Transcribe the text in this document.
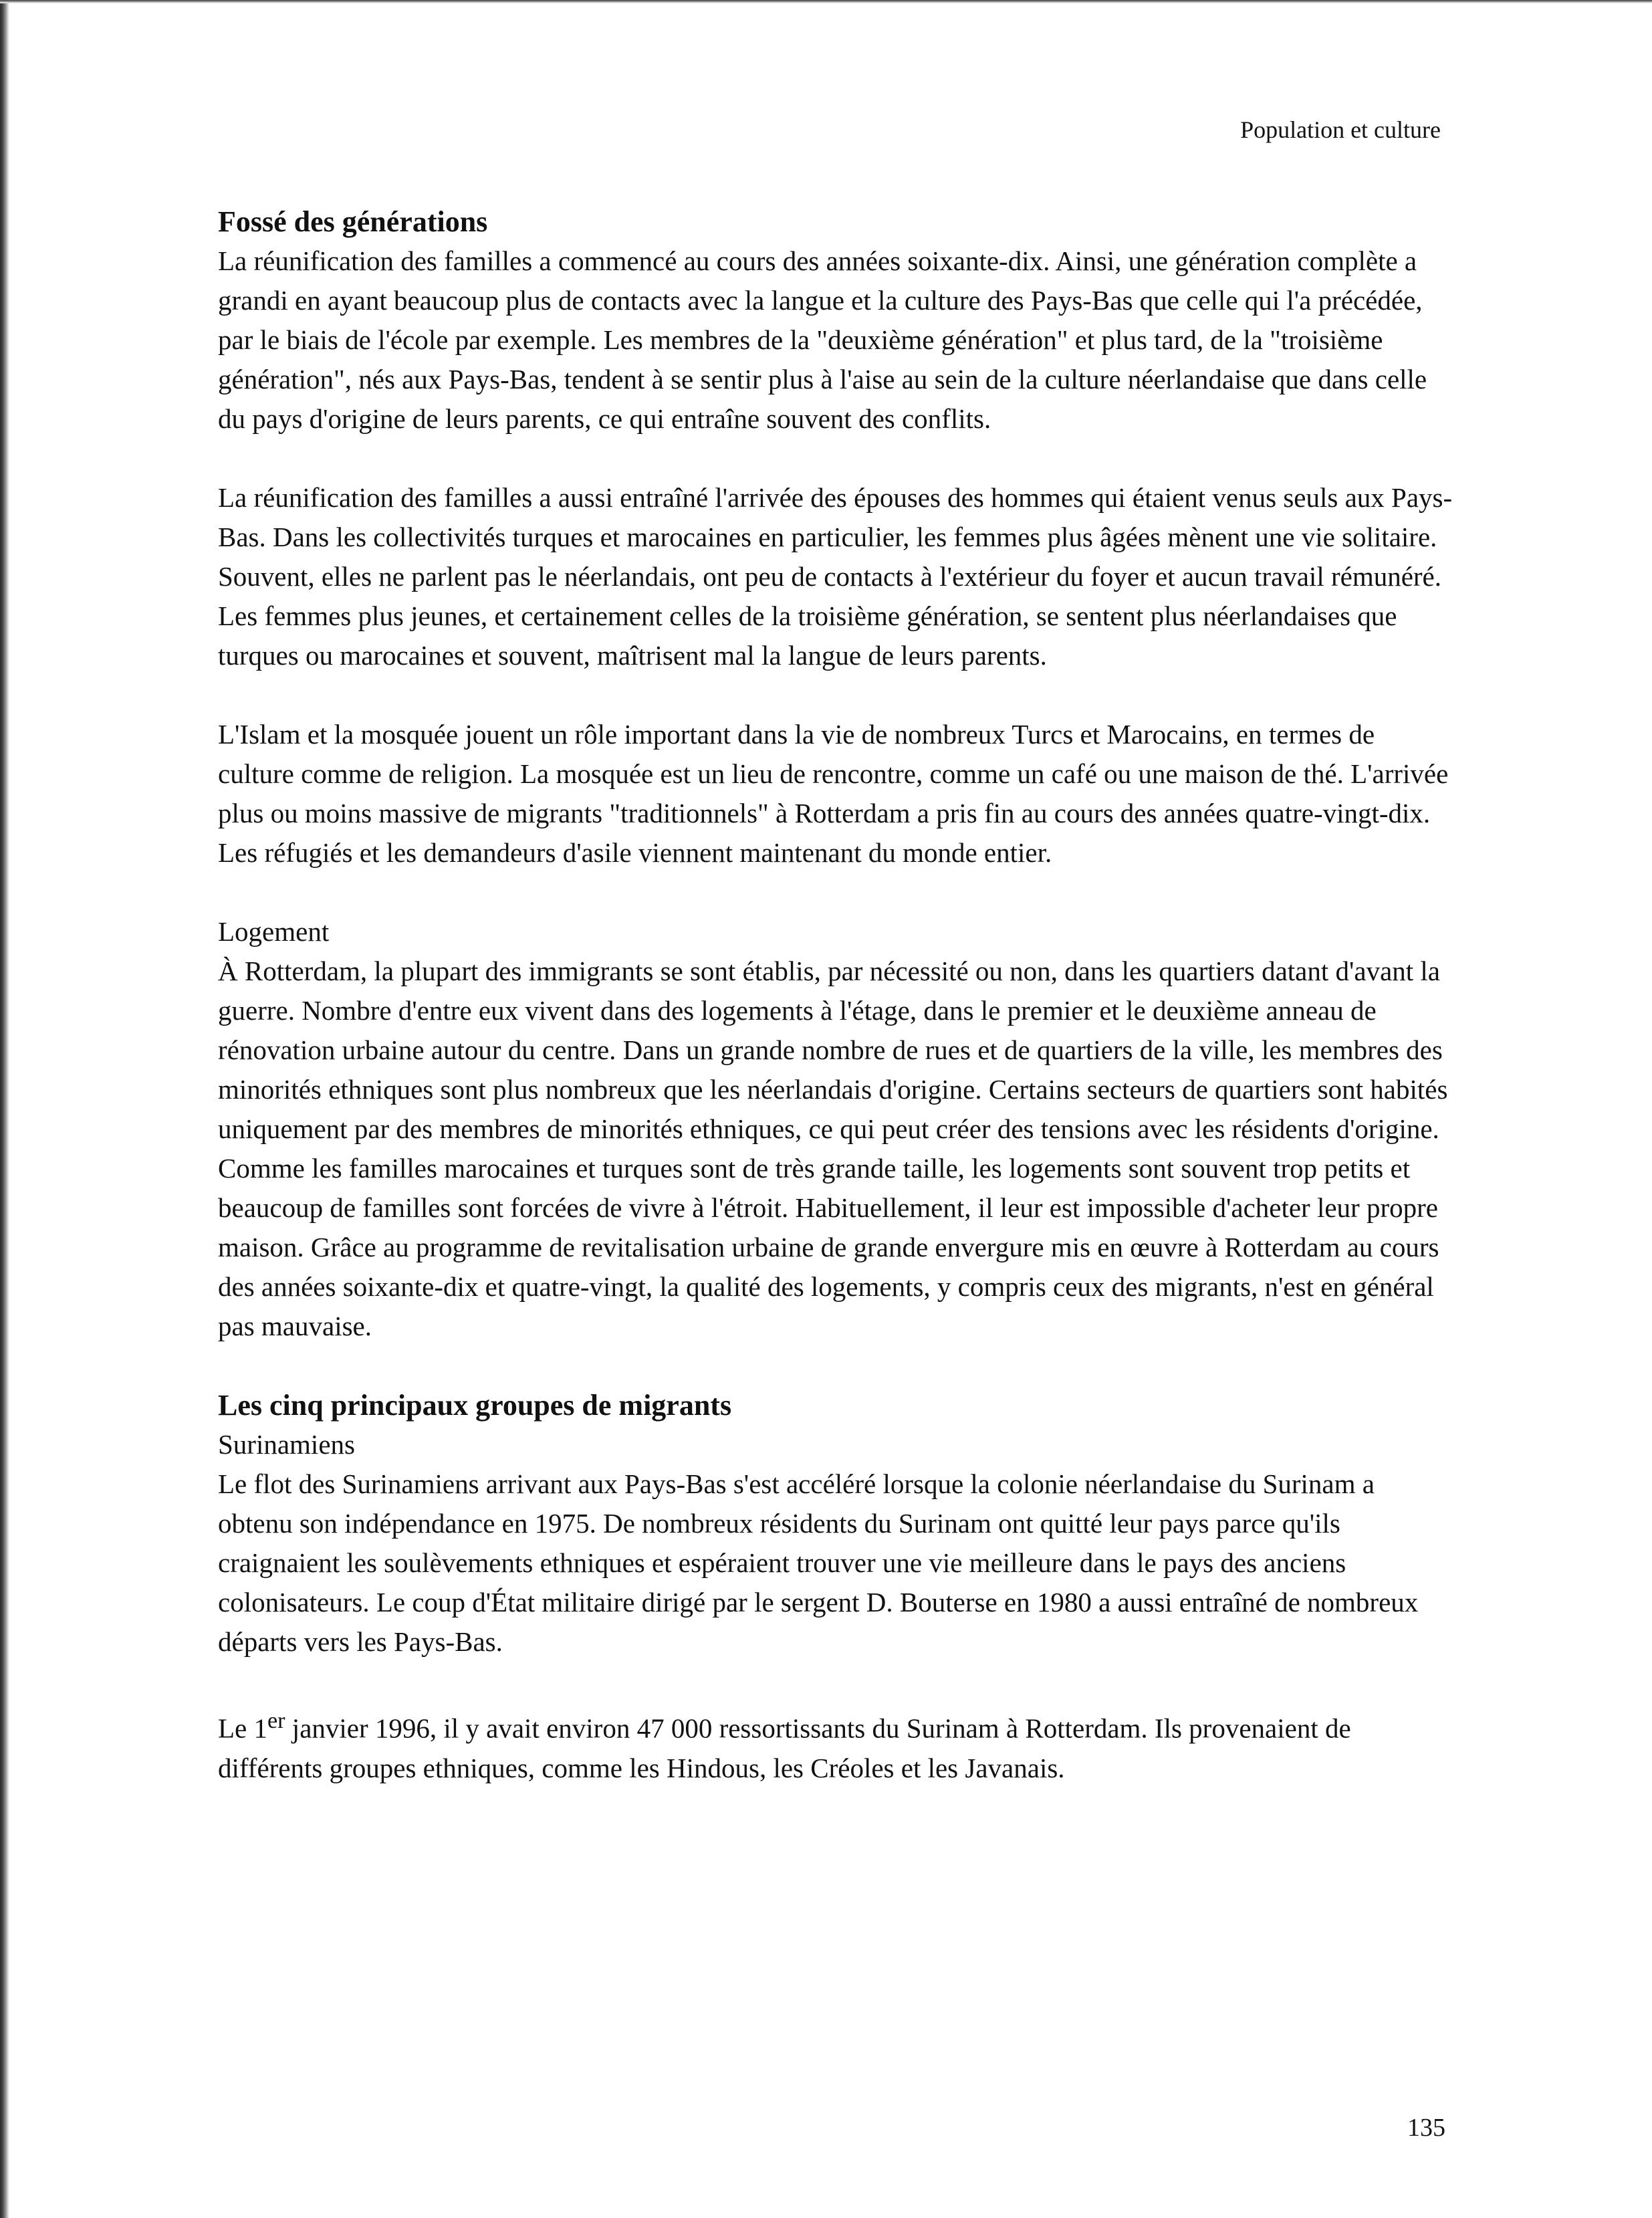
Population et culture
Fossé des générations

La réunification des familles a commencé au cours des années soixante-dix. Ainsi, une génération complète a grandi en ayant beaucoup plus de contacts avec la langue et la culture des Pays-Bas que celle qui l'a précédée, par le biais de l'école par exemple. Les membres de la "deuxième génération" et plus tard, de la "troisième génération", nés aux Pays-Bas, tendent à se sentir plus à l'aise au sein de la culture néerlandaise que dans celle du pays d'origine de leurs parents, ce qui entraîne souvent des conflits.

La réunification des familles a aussi entraîné l'arrivée des épouses des hommes qui étaient venus seuls aux Pays-Bas. Dans les collectivités turques et marocaines en particulier, les femmes plus âgées mènent une vie solitaire. Souvent, elles ne parlent pas le néerlandais, ont peu de contacts à l'extérieur du foyer et aucun travail rémunéré. Les femmes plus jeunes, et certainement celles de la troisième génération, se sentent plus néerlandaises que turques ou marocaines et souvent, maîtrisent mal la langue de leurs parents.

L'Islam et la mosquée jouent un rôle important dans la vie de nombreux Turcs et Marocains, en termes de culture comme de religion. La mosquée est un lieu de rencontre, comme un café ou une maison de thé. L'arrivée plus ou moins massive de migrants "traditionnels" à Rotterdam a pris fin au cours des années quatre-vingt-dix. Les réfugiés et les demandeurs d'asile viennent maintenant du monde entier.

Logement

À Rotterdam, la plupart des immigrants se sont établis, par nécessité ou non, dans les quartiers datant d'avant la guerre. Nombre d'entre eux vivent dans des logements à l'étage, dans le premier et le deuxième anneau de rénovation urbaine autour du centre. Dans un grande nombre de rues et de quartiers de la ville, les membres des minorités ethniques sont plus nombreux que les néerlandais d'origine. Certains secteurs de quartiers sont habités uniquement par des membres de minorités ethniques, ce qui peut créer des tensions avec les résidents d'origine. Comme les familles marocaines et turques sont de très grande taille, les logements sont souvent trop petits et beaucoup de familles sont forcées de vivre à l'étroit. Habituellement, il leur est impossible d'acheter leur propre maison. Grâce au programme de revitalisation urbaine de grande envergure mis en œuvre à Rotterdam au cours des années soixante-dix et quatre-vingt, la qualité des logements, y compris ceux des migrants, n'est en général pas mauvaise.

Les cinq principaux groupes de migrants
Surinamiens

Le flot des Surinamiens arrivant aux Pays-Bas s'est accéléré lorsque la colonie néerlandaise du Surinam a obtenu son indépendance en 1975. De nombreux résidents du Surinam ont quitté leur pays parce qu'ils craignaient les soulèvements ethniques et espéraient trouver une vie meilleure dans le pays des anciens colonisateurs. Le coup d'État militaire dirigé par le sergent D. Bouterse en 1980 a aussi entraîné de nombreux départs vers les Pays-Bas.

Le 1er janvier 1996, il y avait environ 47 000 ressortissants du Surinam à Rotterdam. Ils provenaient de différents groupes ethniques, comme les Hindous, les Créoles et les Javanais.

135
